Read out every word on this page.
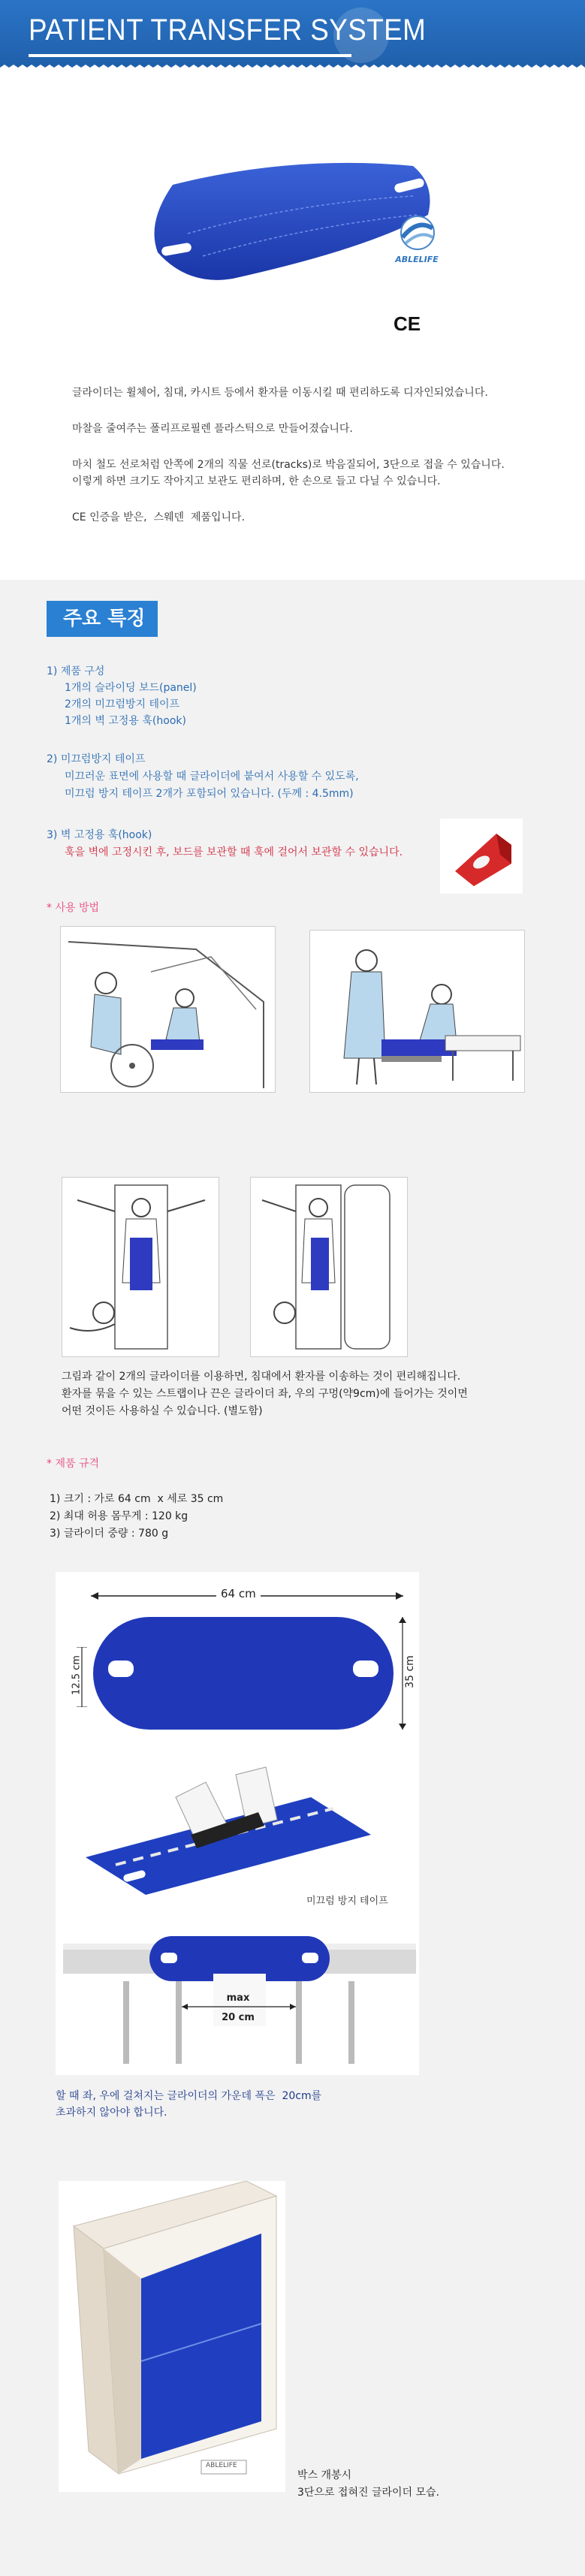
PATIENT TRANSFER SYSTEM
ABLELIFE
CE
글라이더는 휠체어, 침대, 카시트 등에서 환자를 이동시킬 때 편리하도록 디자인되었습니다.
마찰을 줄여주는 폴리프로필렌 플라스틱으로 만들어졌습니다.
마치 철도 선로처럼 안쪽에 2개의 직물 선로(tracks)로 박음질되어, 3단으로 접을 수 있습니다.
이렇게 하면 크기도 작아지고 보관도 편리하며, 한 손으로 들고 다닐 수 있습니다.
CE 인증을 받은,  스웨덴  제품입니다.
주요 특징
1) 제품 구성
1개의 슬라이딩 보드(panel)
2개의 미끄럼방지 테이프
1개의 벽 고정용 훅(hook)
2) 미끄럼방지 테이프
미끄러운 표면에 사용할 때 글라이더에 붙여서 사용할 수 있도록,
미끄럼 방지 테이프 2개가 포함되어 있습니다. (두께 : 4.5mm)
3) 벽 고정용 훅(hook)
훅을 벽에 고정시킨 후, 보드를 보관할 때 훅에 걸어서 보관할 수 있습니다.
* 사용 방법
그림과 같이 2개의 글라이더를 이용하면, 침대에서 환자를 이송하는 것이 편리해집니다.
환자를 묶을 수 있는 스트랩이나 끈은 글라이더 좌, 우의 구멍(약9cm)에 들어가는 것이면
어떤 것이든 사용하실 수 있습니다. (별도함)
* 제품 규격
1) 크기 : 가로 64 cm  x 세로 35 cm
2) 최대 허용 몸무게 : 120 kg
3) 글라이더 중량 : 780 g
64 cm
12.5 cm	35 cm
미끄럼 방지 테이프
max
20 cm
할 때 좌, 우에 걸쳐지는 글라이더의 가운데 폭은  20cm를
초과하지 않아야 합니다.
ABLELIFE
박스 개봉시
3단으로 접혀진 글라이더 모습.
